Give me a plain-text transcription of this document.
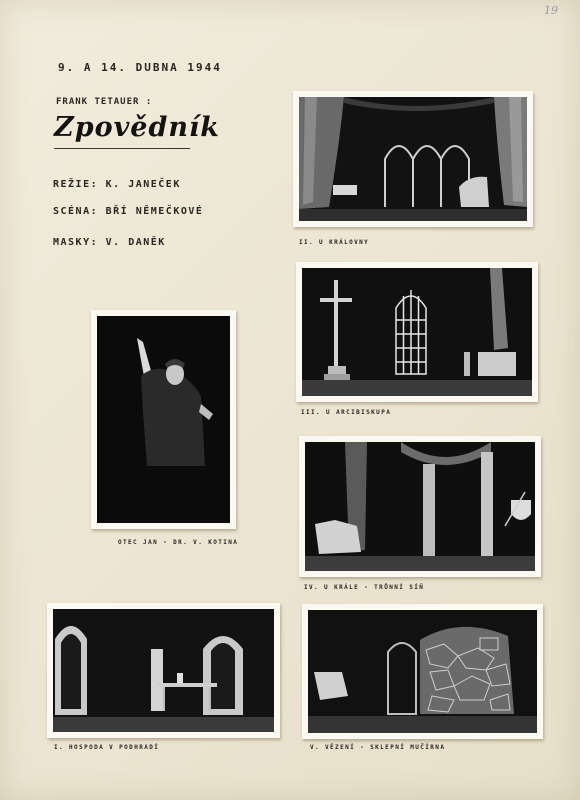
19
9. A 14. DUBNA 1944
FRANK TETAUER :
Zpovědník
REŽIE: K. JANEČEK
SCÉNA: BŘÍ NĚMEČKOVÉ
MASKY: V. DANĚK	II. U KRÁLOVNY
III. U ARCIBISKUPA
OTEC JAN - DR. V. KOTINA
IV. U KRÁLE - TRŮNNÍ SÍŇ
I. HOSPODA V PODHRADÍ	V. VĚZENÍ - SKLEPNÍ MUČÍRNA
